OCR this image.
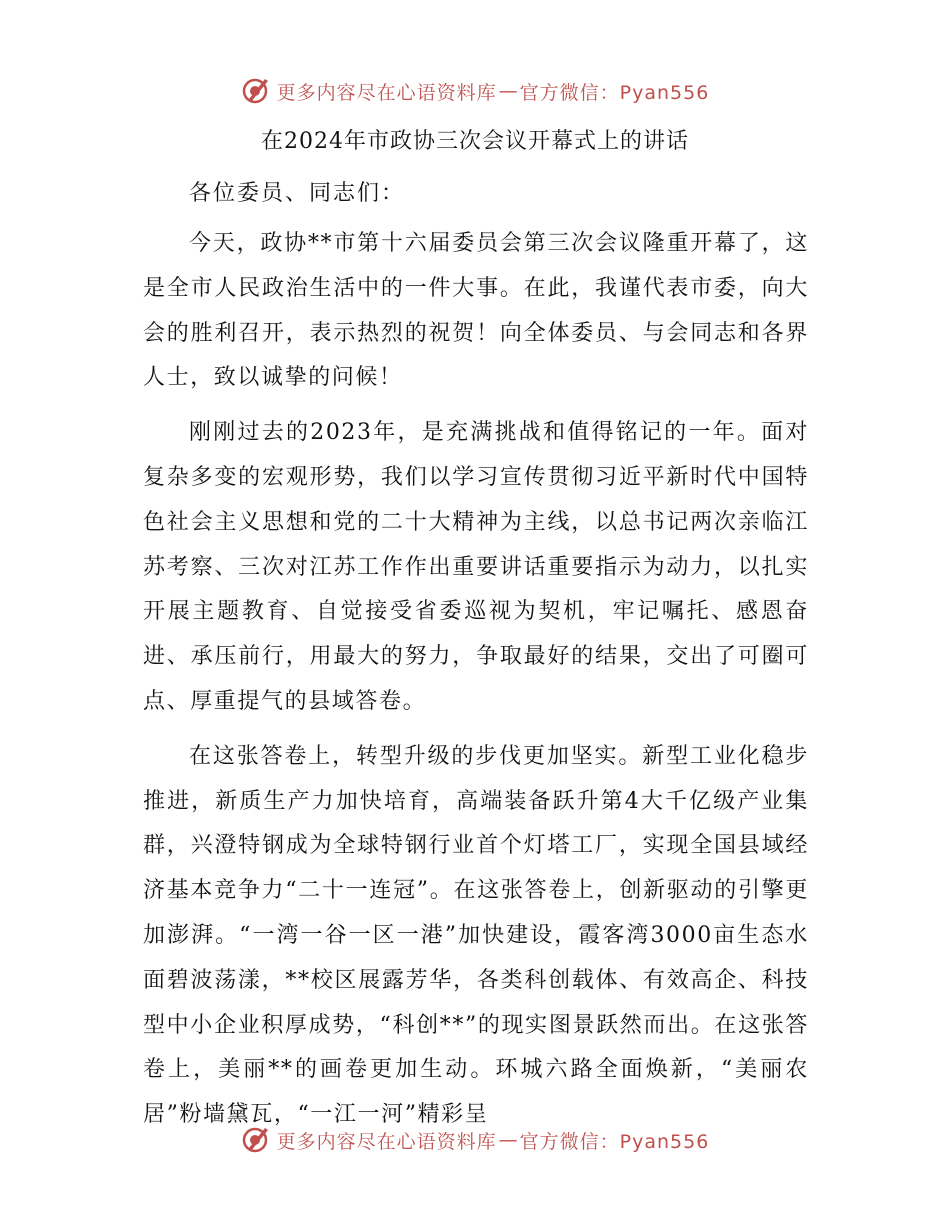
更多内容尽在心语资料库 — 官方微信：Pyan556
在2024年市政协三次会议开幕式上的讲话
各位委员、同志们：

今天，政协**市第十六届委员会第三次会议隆重开幕了，这是全市人民政治生活中的一件大事。在此，我谨代表市委，向大会的胜利召开，表示热烈的祝贺！向全体委员、与会同志和各界人士，致以诚挚的问候！

刚刚过去的2023年，是充满挑战和值得铭记的一年。面对复杂多变的宏观形势，我们以学习宣传贯彻习近平新时代中国特色社会主义思想和党的二十大精神为主线，以总书记两次亲临江苏考察、三次对江苏工作作出重要讲话重要指示为动力，以扎实开展主题教育、自觉接受省委巡视为契机，牢记嘱托、感恩奋进、承压前行，用最大的努力，争取最好的结果，交出了可圈可点、厚重提气的县域答卷。

在这张答卷上，转型升级的步伐更加坚实。新型工业化稳步推进，新质生产力加快培育，高端装备跃升第4大千亿级产业集群，兴澄特钢成为全球特钢行业首个灯塔工厂，实现全国县域经济基本竞争力“二十一连冠”。在这张答卷上，创新驱动的引擎更加澎湃。“一湾一谷一区一港”加快建设，霞客湾3000亩生态水面碧波荡漾，**校区展露芳华，各类科创载体、有效高企、科技型中小企业积厚成势，“科创**”的现实图景跃然而出。在这张答卷上，美丽**的画卷更加生动。环城六路全面焕新，“美丽农居”粉墙黛瓦，“一江一河”精彩呈

更多内容尽在心语资料库 — 官方微信：Pyan556
